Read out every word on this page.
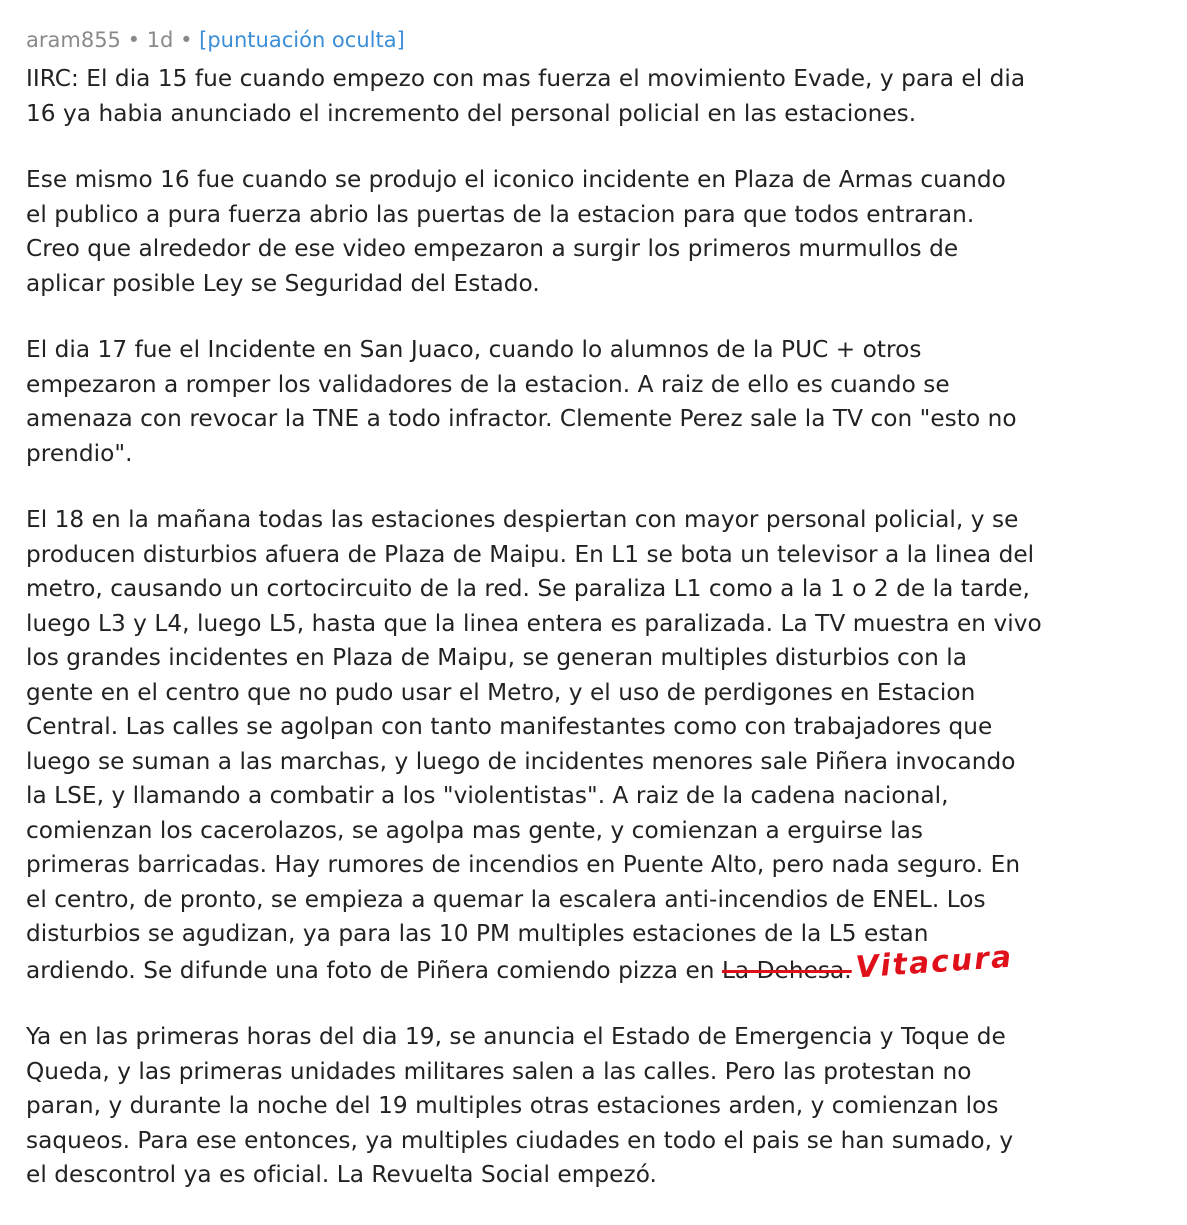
aram855 • 1d • [puntuación oculta]
IIRC: El dia 15 fue cuando empezo con mas fuerza el movimiento Evade, y para el dia
16 ya habia anunciado el incremento del personal policial en las estaciones.
Ese mismo 16 fue cuando se produjo el iconico incidente en Plaza de Armas cuando
el publico a pura fuerza abrio las puertas de la estacion para que todos entraran.
Creo que alrededor de ese video empezaron a surgir los primeros murmullos de
aplicar posible Ley se Seguridad del Estado.
El dia 17 fue el Incidente en San Juaco, cuando lo alumnos de la PUC + otros
empezaron a romper los validadores de la estacion. A raiz de ello es cuando se
amenaza con revocar la TNE a todo infractor. Clemente Perez sale la TV con "esto no
prendio".
El 18 en la mañana todas las estaciones despiertan con mayor personal policial, y se
producen disturbios afuera de Plaza de Maipu. En L1 se bota un televisor a la linea del
metro, causando un cortocircuito de la red. Se paraliza L1 como a la 1 o 2 de la tarde,
luego L3 y L4, luego L5, hasta que la linea entera es paralizada. La TV muestra en vivo
los grandes incidentes en Plaza de Maipu, se generan multiples disturbios con la
gente en el centro que no pudo usar el Metro, y el uso de perdigones en Estacion
Central. Las calles se agolpan con tanto manifestantes como con trabajadores que
luego se suman a las marchas, y luego de incidentes menores sale Piñera invocando
la LSE, y llamando a combatir a los "violentistas". A raiz de la cadena nacional,
comienzan los cacerolazos, se agolpa mas gente, y comienzan a erguirse las
primeras barricadas. Hay rumores de incendios en Puente Alto, pero nada seguro. En
el centro, de pronto, se empieza a quemar la escalera anti-incendios de ENEL. Los
disturbios se agudizan, ya para las 10 PM multiples estaciones de la L5 estan
ardiendo. Se difunde una foto de Piñera comiendo pizza en La Dehesa.Vitacura
Ya en las primeras horas del dia 19, se anuncia el Estado de Emergencia y Toque de
Queda, y las primeras unidades militares salen a las calles. Pero las protestan no
paran, y durante la noche del 19 multiples otras estaciones arden, y comienzan los
saqueos. Para ese entonces, ya multiples ciudades en todo el pais se han sumado, y
el descontrol ya es oficial. La Revuelta Social empezó.
